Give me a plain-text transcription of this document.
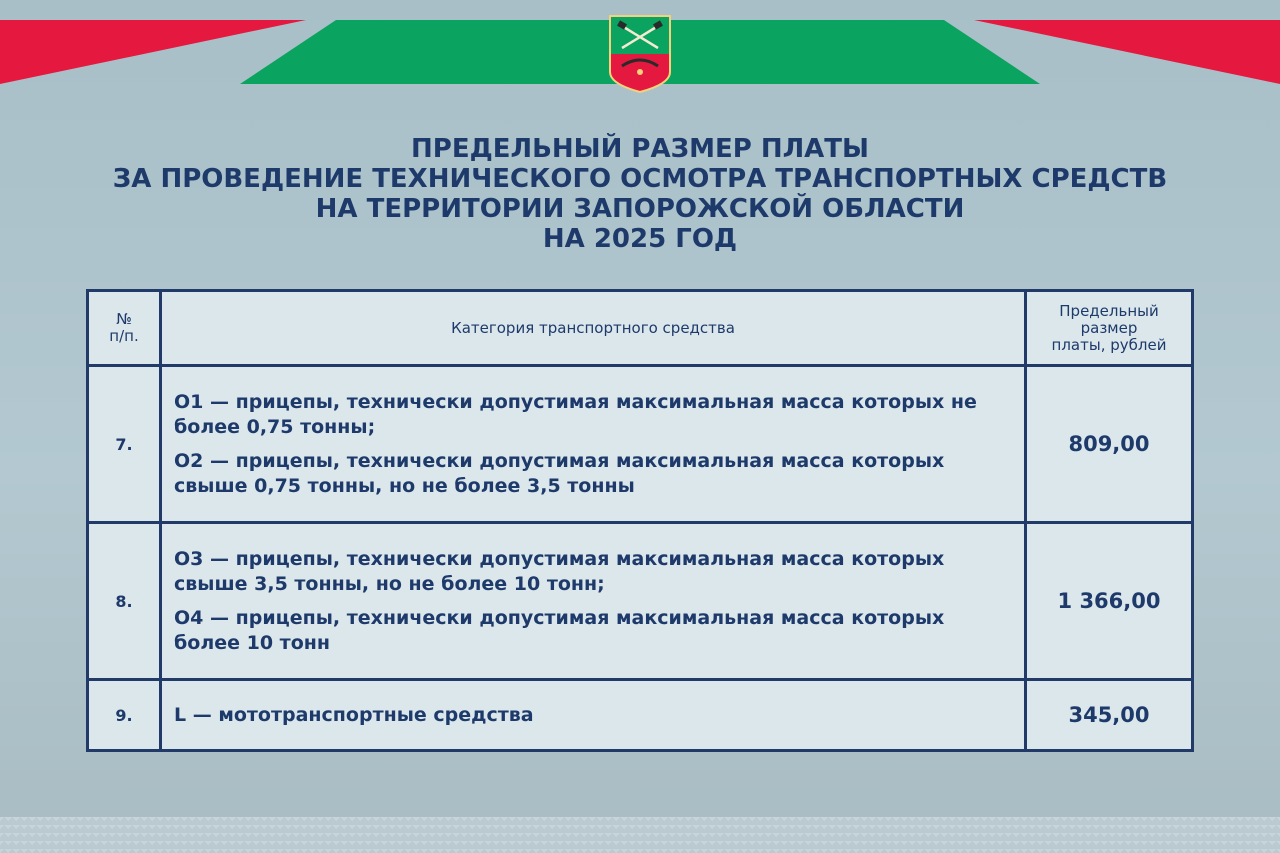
ПРЕДЕЛЬНЫЙ РАЗМЕР ПЛАТЫ
ЗА ПРОВЕДЕНИЕ ТЕХНИЧЕСКОГО ОСМОТРА ТРАНСПОРТНЫХ СРЕДСТВ
НА ТЕРРИТОРИИ ЗАПОРОЖСКОЙ ОБЛАСТИ
НА 2025 ГОД
№
п/п.	Категория транспортного средства	Предельный
размер
платы, рублей
7.	О1 — прицепы, технически допустимая максимальная масса которых не более 0,75 тонны;

О2 — прицепы, технически допустимая максимальная масса которых свыше 0,75 тонны, но не более 3,5 тонны	809,00
8.	О3 — прицепы, технически допустимая максимальная масса которых свыше 3,5 тонны, но не более 10 тонн;

О4 — прицепы, технически допустимая максимальная масса которых более 10 тонн	1 366,00
9.	L — мототранспортные средства	345,00
